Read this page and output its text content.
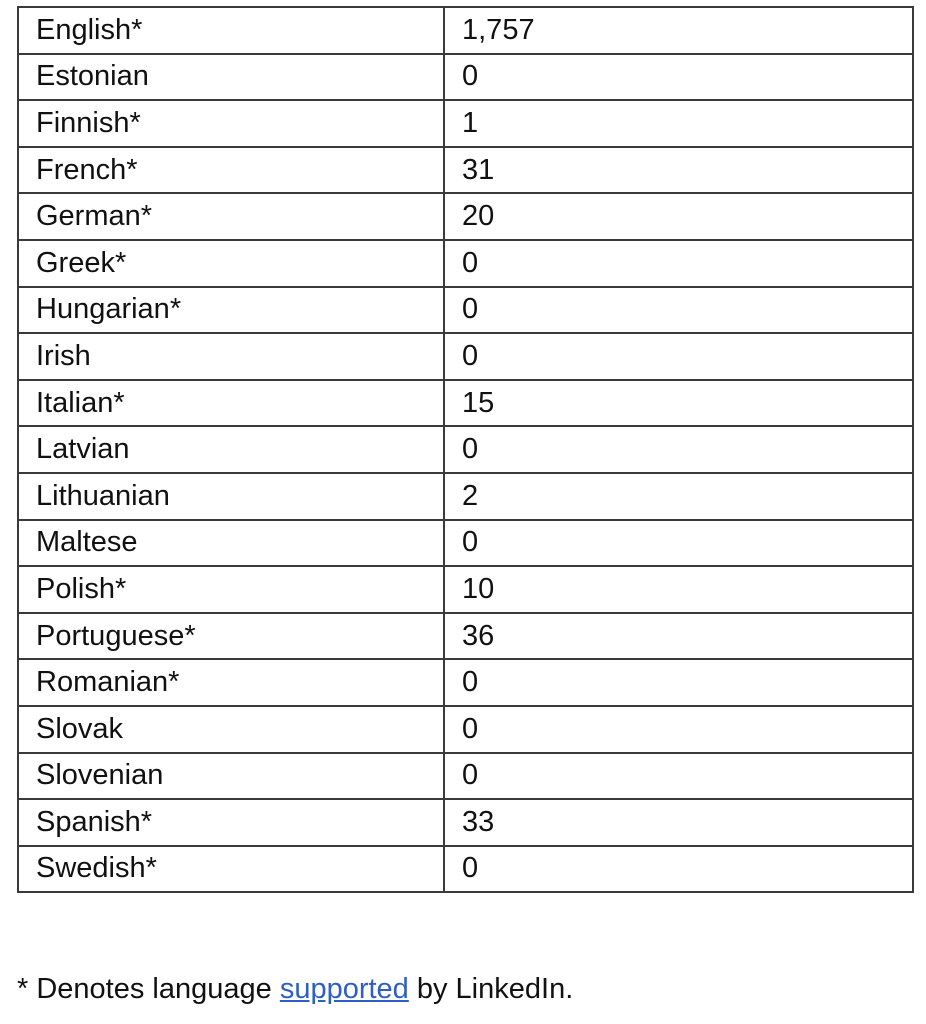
English*	1,757
Estonian	0
Finnish*	1
French*	31
German*	20
Greek*	0
Hungarian*	0
Irish	0
Italian*	15
Latvian	0
Lithuanian	2
Maltese	0
Polish*	10
Portuguese*	36
Romanian*	0
Slovak	0
Slovenian	0
Spanish*	33
Swedish*	0
* Denotes language supported by LinkedIn.
